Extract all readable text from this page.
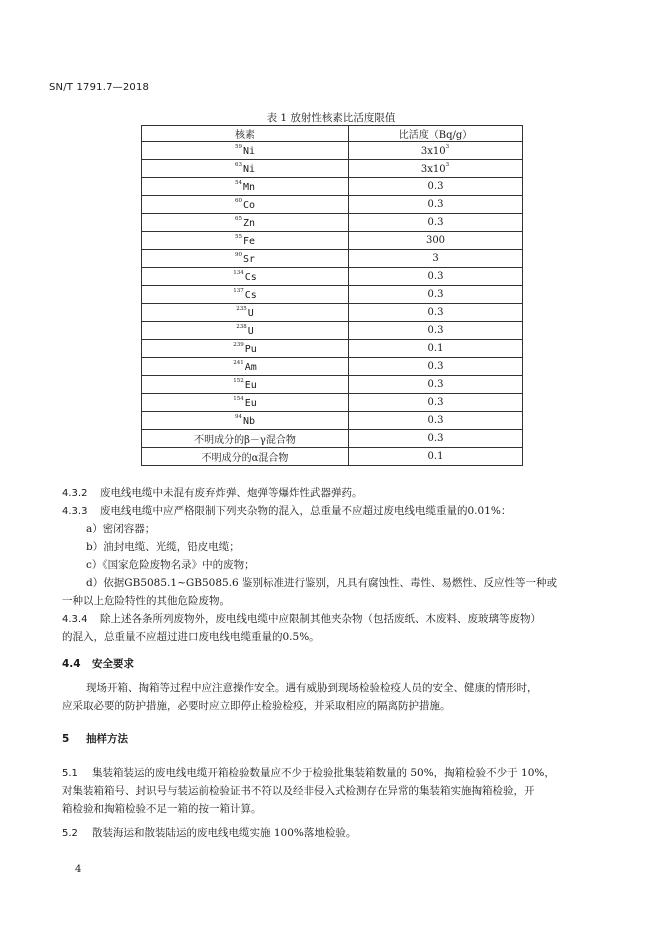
SN/T 1791.7—2018
表 1 放射性核素比活度限值
核素	比活度（Bq/g）
$^{59}$Ni	$3x10^3$
$^{63}$Ni	$3x10^3$
$^{54}$Mn	0.3
$^{60}$Co	0.3
$^{65}$Zn	0.3
$^{55}$Fe	300
$^{90}$Sr	3
$^{134}$Cs	0.3
$^{137}$Cs	0.3
$^{235}$U	0.3
$^{238}$U	0.3
$^{239}$Pu	0.1
$^{241}$Am	0.3
$^{152}$Eu	0.3
$^{154}$Eu	0.3
$^{94}$Nb	0.3
不明成分的β－γ混合物	0.3
不明成分的α混合物	0.1
4.3.2 废电线电缆中未混有废弃炸弹、炮弹等爆炸性武器弹药。
4.3.3 废电线电缆中应严格限制下列夹杂物的混入，总重量不应超过废电线电缆重量的0.01%：
a）密闭容器；
b）油封电缆、光缆，铅皮电缆；
c）《国家危险废物名录》中的废物；
d）依据GB5085.1~GB5085.6 鉴别标准进行鉴别，凡具有腐蚀性、毒性、易燃性、反应性等一种或
一种以上危险特性的其他危险废物。
4.3.4 除上述各条所列废物外，废电线电缆中应限制其他夹杂物（包括废纸、木废料、废玻璃等废物）
的混入，总重量不应超过进口废电线电缆重量的0.5%。
4.4 安全要求
现场开箱、掏箱等过程中应注意操作安全。遇有威胁到现场检验检疫人员的安全、健康的情形时，
应采取必要的防护措施，必要时应立即停止检验检疫，并采取相应的隔离防护措施。
5 抽样方法
5.1 集装箱装运的废电线电缆开箱检验数量应不少于检验批集装箱数量的 50%，掏箱检验不少于 10%，
对集装箱箱号、封识号与装运前检验证书不符以及经非侵入式检测存在异常的集装箱实施掏箱检验，开
箱检验和掏箱检验不足一箱的按一箱计算。
5.2 散装海运和散装陆运的废电线电缆实施 100%落地检验。
4
